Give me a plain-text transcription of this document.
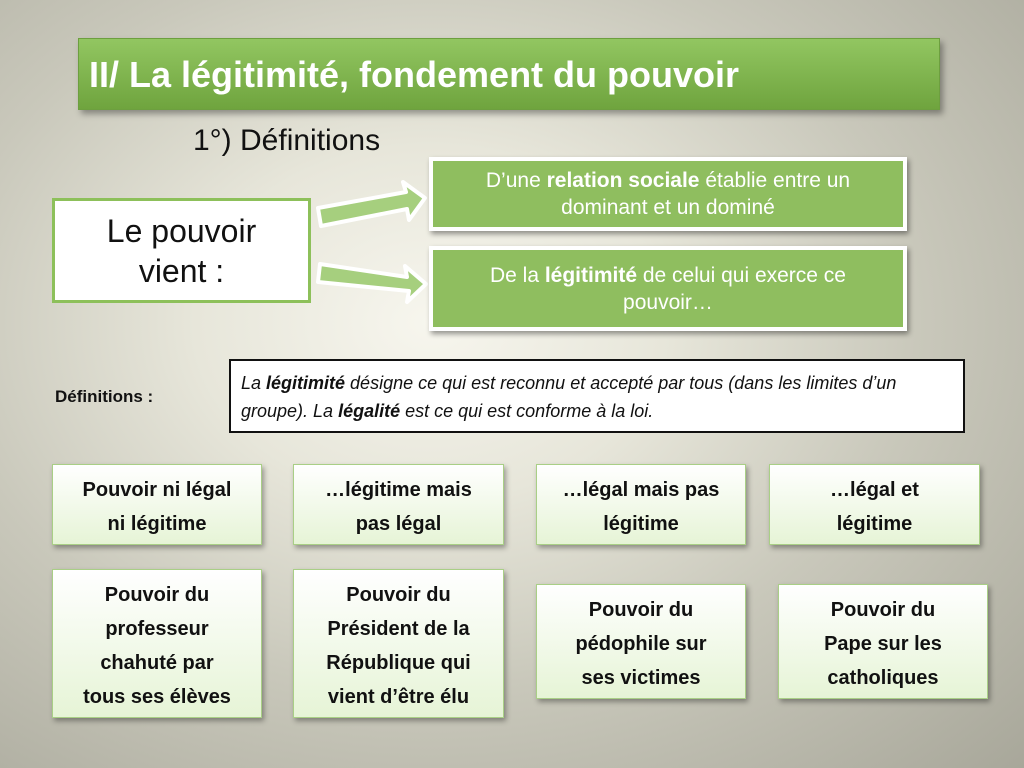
II/ La légitimité, fondement du pouvoir
1°) Définitions
Le pouvoir
vient :
D’une relation sociale établie entre un dominant et un dominé
De la légitimité de celui qui exerce ce pouvoir…
Définitions :
La légitimité désigne ce qui est reconnu et accepté par tous (dans les limites d’un groupe). La légalité est ce qui est conforme à la loi.
Pouvoir ni légal
ni légitime
…légitime mais
pas légal
…légal mais pas
légitime
…légal et
légitime
Pouvoir du
professeur
chahuté par
tous ses élèves
Pouvoir du
Président de la
République qui
vient d’être élu
Pouvoir du
pédophile sur
ses victimes
Pouvoir du
Pape sur les
catholiques
